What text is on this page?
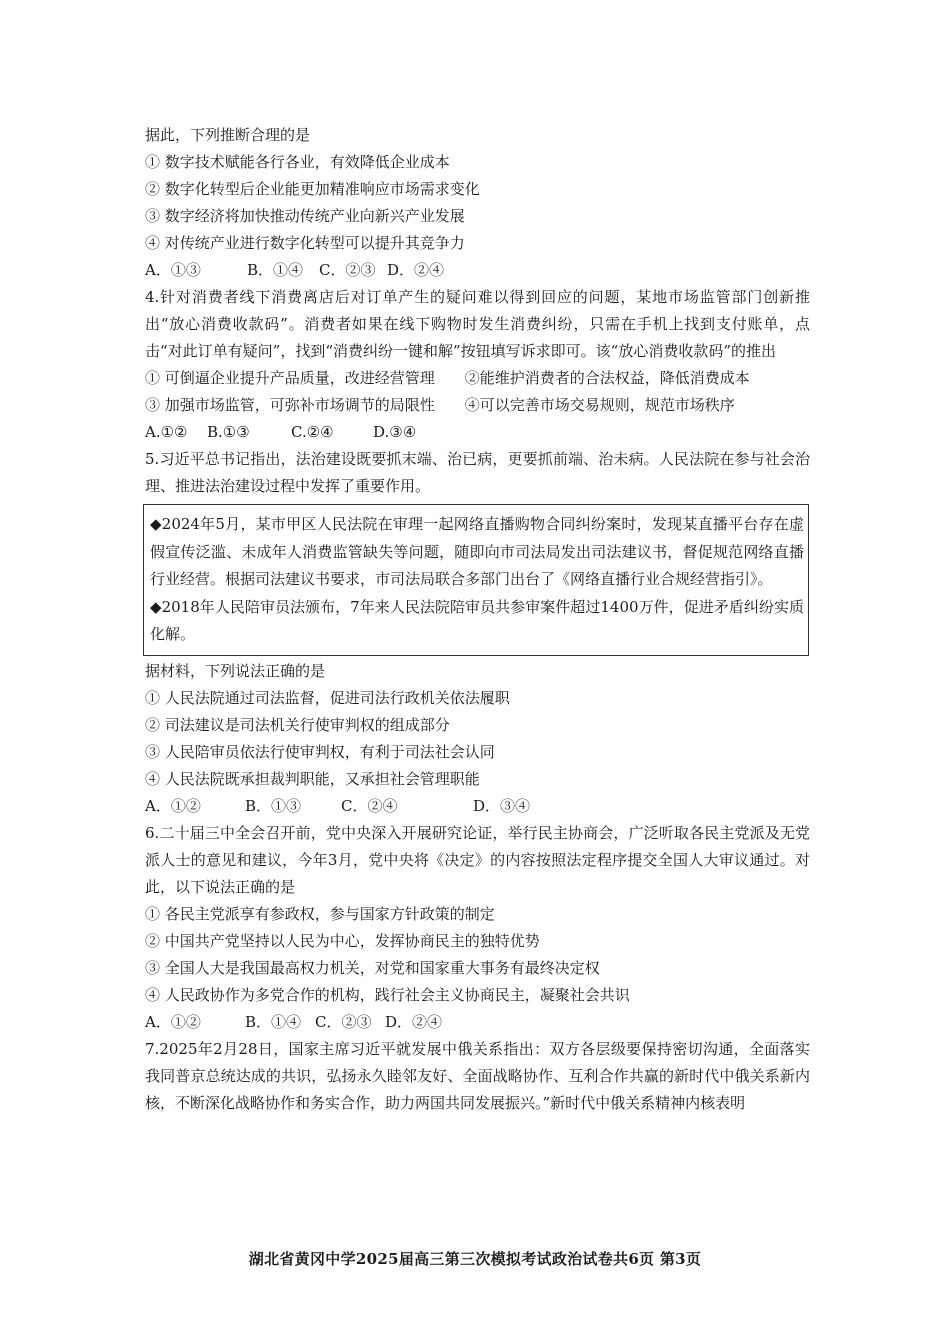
据此，下列推断合理的是
① 数字技术赋能各行各业，有效降低企业成本
② 数字化转型后企业能更加精准响应市场需求变化
③ 数字经济将加快推动传统产业向新兴产业发展
④ 对传统产业进行数字化转型可以提升其竞争力
A．①③	B．①④ C．②③ D．②④
4.针对消费者线下消费离店后对订单产生的疑问难以得到回应的问题，某地市场监管部门创新推出“放心消费收款码”。消费者如果在线下购物时发生消费纠纷，只需在手机上找到支付账单，点击“对此订单有疑问”，找到“消费纠纷一键和解”按钮填写诉求即可。该“放心消费收款码”的推出
① 可倒逼企业提升产品质量，改进经营管理　　②能维护消费者的合法权益，降低消费成本
③ 加强市场监管，可弥补市场调节的局限性　　④可以完善市场交易规则，规范市场秩序
A.①② B.①③	C.②④	D.③④
5.习近平总书记指出，法治建设既要抓末端、治已病，更要抓前端、治未病。人民法院在参与社会治理、推进法治建设过程中发挥了重要作用。
◆2024年5月，某市甲区人民法院在审理一起网络直播购物合同纠纷案时，发现某直播平台存在虚假宣传泛滥、未成年人消费监管缺失等问题，随即向市司法局发出司法建议书，督促规范网络直播行业经营。根据司法建议书要求，市司法局联合多部门出台了《网络直播行业合规经营指引》。
◆2018年人民陪审员法颁布，7年来人民法院陪审员共参审案件超过1400万件，促进矛盾纠纷实质化解。
据材料，下列说法正确的是
① 人民法院通过司法监督，促进司法行政机关依法履职
② 司法建议是司法机关行使审判权的组成部分
③ 人民陪审员依法行使审判权，有利于司法社会认同
④ 人民法院既承担裁判职能，又承担社会管理职能
A．①②	B．①③	C．②④	D．③④
6.二十届三中全会召开前，党中央深入开展研究论证，举行民主协商会，广泛听取各民主党派及无党派人士的意见和建议，今年3月，党中央将《决定》的内容按照法定程序提交全国人大审议通过。对此，以下说法正确的是
① 各民主党派享有参政权，参与国家方针政策的制定
② 中国共产党坚持以人民为中心，发挥协商民主的独特优势
③ 全国人大是我国最高权力机关，对党和国家重大事务有最终决定权
④ 人民政协作为多党合作的机构，践行社会主义协商民主，凝聚社会共识
A．①②	B．①④ C．②③ D．②④
7.2025年2月28日，国家主席习近平就发展中俄关系指出：双方各层级要保持密切沟通，全面落实我同普京总统达成的共识，弘扬永久睦邻友好、全面战略协作、互利合作共赢的新时代中俄关系新内核，不断深化战略协作和务实合作，助力两国共同发展振兴。”新时代中俄关系精神内核表明
湖北省黄冈中学2025届高三第三次模拟考试政治试卷共6页 第3页
